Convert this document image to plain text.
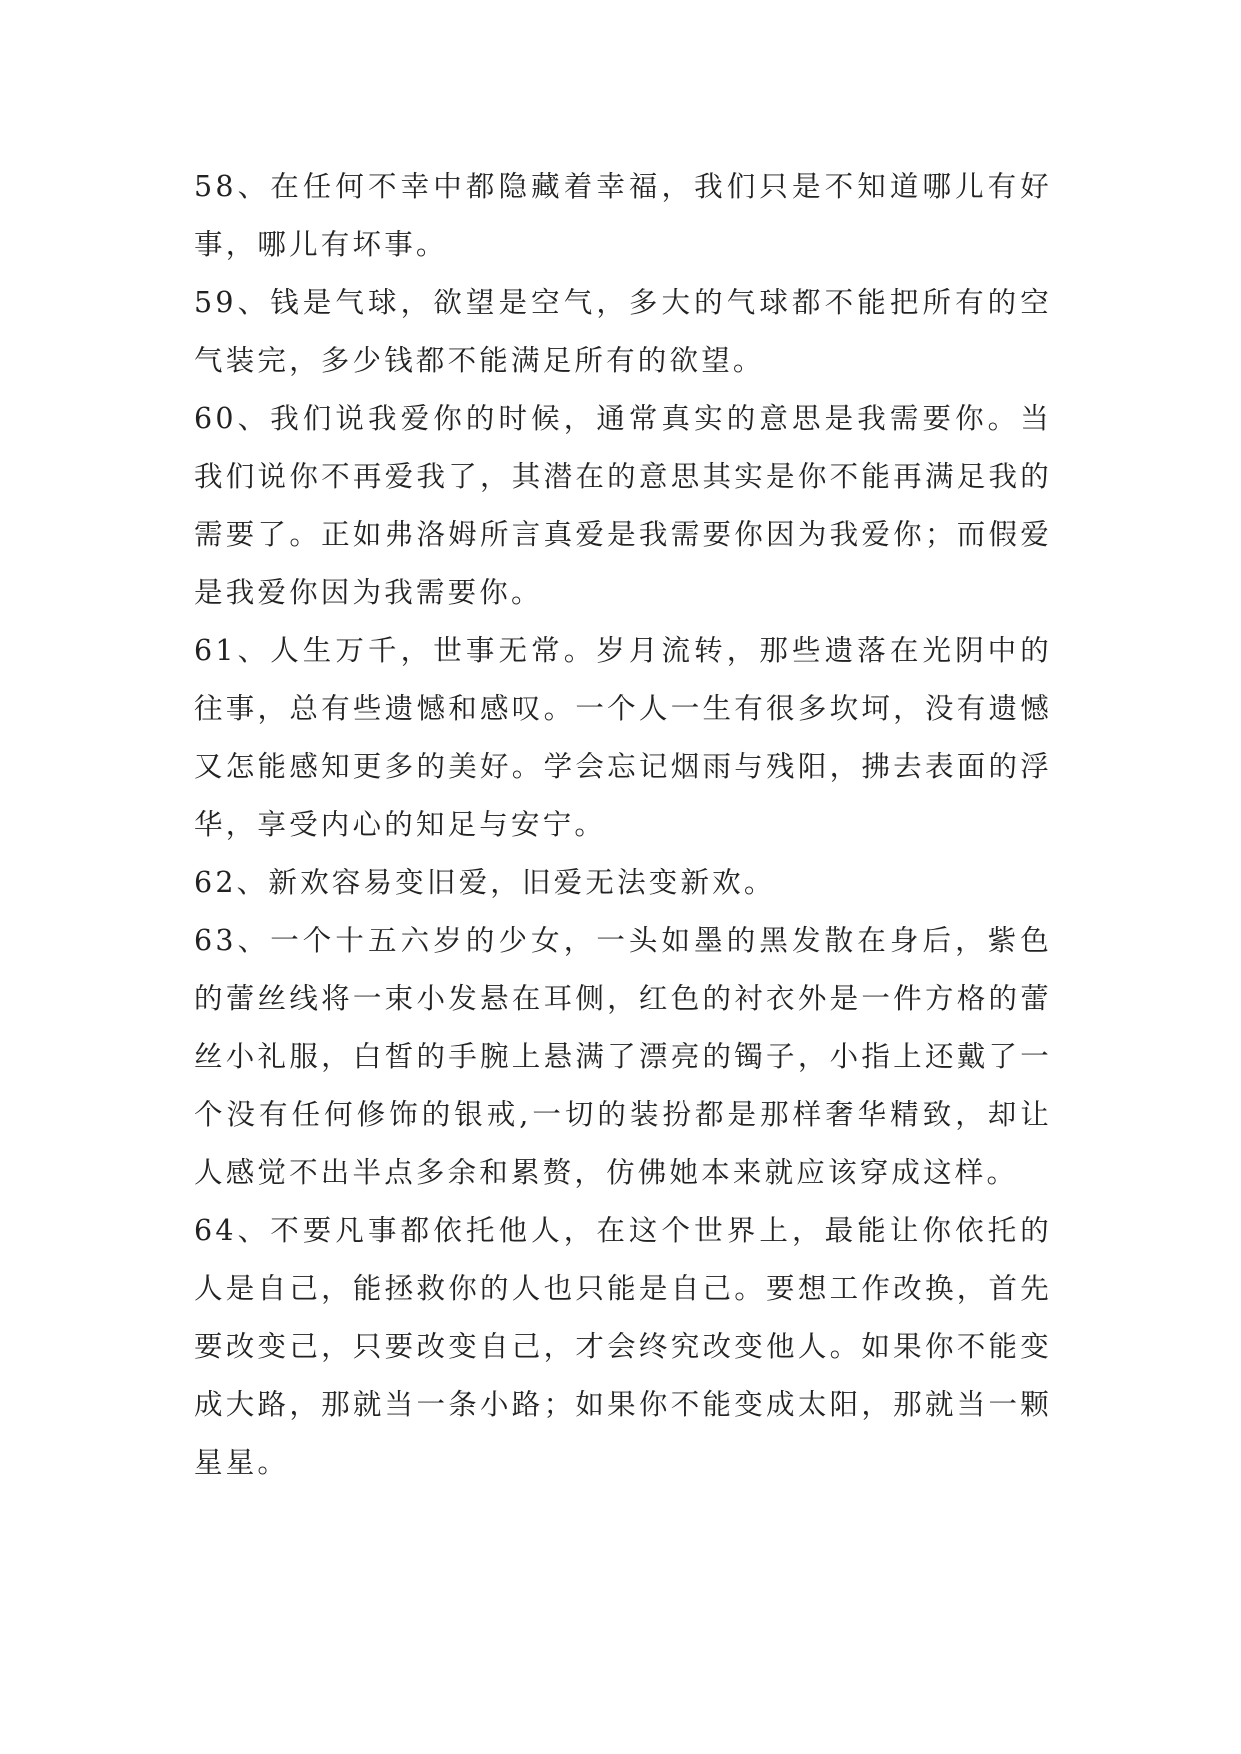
58、在任何不幸中都隐藏着幸福，我们只是不知道哪儿有好事，哪儿有坏事。

59、钱是气球，欲望是空气，多大的气球都不能把所有的空气装完，多少钱都不能满足所有的欲望。

60、我们说我爱你的时候，通常真实的意思是我需要你。当我们说你不再爱我了，其潜在的意思其实是你不能再满足我的需要了。正如弗洛姆所言真爱是我需要你因为我爱你；而假爱是我爱你因为我需要你。

61、人生万千，世事无常。岁月流转，那些遗落在光阴中的往事，总有些遗憾和感叹。一个人一生有很多坎坷，没有遗憾又怎能感知更多的美好。学会忘记烟雨与残阳，拂去表面的浮华，享受内心的知足与安宁。

62、新欢容易变旧爱，旧爱无法变新欢。

63、一个十五六岁的少女，一头如墨的黑发散在身后，紫色的蕾丝线将一束小发悬在耳侧，红色的衬衣外是一件方格的蕾丝小礼服，白皙的手腕上悬满了漂亮的镯子，小指上还戴了一个没有任何修饰的银戒,一切的装扮都是那样奢华精致，却让人感觉不出半点多余和累赘，仿佛她本来就应该穿成这样。

64、不要凡事都依托他人，在这个世界上，最能让你依托的人是自己，能拯救你的人也只能是自己。要想工作改换，首先要改变己，只要改变自己，才会终究改变他人。如果你不能变成大路，那就当一条小路；如果你不能变成太阳，那就当一颗星星。
